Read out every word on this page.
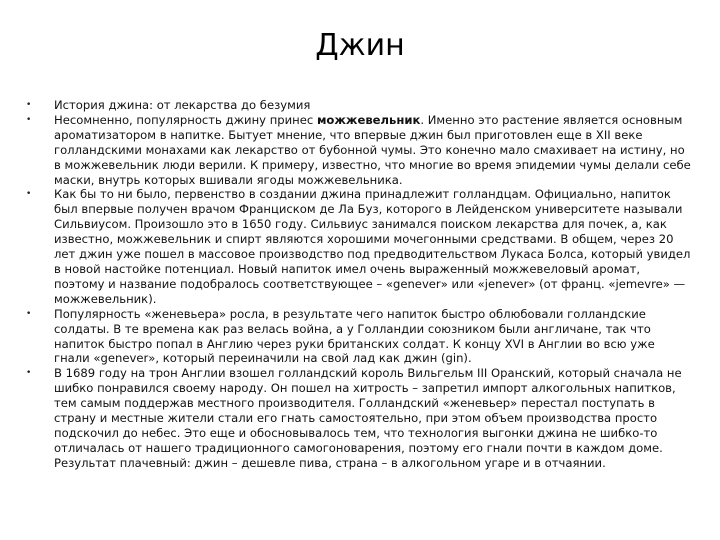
Джин
• История джина: от лекарства до безумия
• Несомненно, популярность джину принес можжевельник. Именно это растение является основным ароматизатором в напитке. Бытует мнение, что впервые джин был приготовлен еще в XII веке голландскими монахами как лекарство от бубонной чумы. Это конечно мало смахивает на истину, но в можжевельник люди верили. К примеру, известно, что многие во время эпидемии чумы делали себе маски, внутрь которых вшивали ягоды можжевельника.
• Как бы то ни было, первенство в создании джина принадлежит голландцам. Официально, напиток был впервые получен врачом Франциском де Ла Буз, которого в Лейденском университете называли Сильвиусом. Произошло это в 1650 году. Сильвиус занимался поиском лекарства для почек, а, как известно, можжевельник и спирт являются хорошими мочегонными средствами. В общем, через 20 лет джин уже пошел в массовое производство под предводительством Лукаса Болса, который увидел в новой настойке потенциал. Новый напиток имел очень выраженный можжевеловый аромат, поэтому и название подобралось соответствующее – «genever» или «jenever» (от франц. «jemevre» — можжевельник).
• Популярность «женевьера» росла, в результате чего напиток быстро облюбовали голландские солдаты. В те времена как раз велась война, а у Голландии союзником были англичане, так что напиток быстро попал в Англию через руки британских солдат. К концу XVI в Англии во всю уже гнали «genever», который переиначили на свой лад как джин (gin).
• В 1689 году на трон Англии взошел голландский король Вильгельм III Оранский, который сначала не шибко понравился своему народу. Он пошел на хитрость – запретил импорт алкогольных напитков, тем самым поддержав местного производителя. Голландский «женевьер» перестал поступать в страну и местные жители стали его гнать самостоятельно, при этом объем производства просто подскочил до небес. Это еще и обосновывалось тем, что технология выгонки джина не шибко-то отличалась от нашего традиционного самогоноварения, поэтому его гнали почти в каждом доме. Результат плачевный: джин – дешевле пива, страна – в алкогольном угаре и в отчаянии.
